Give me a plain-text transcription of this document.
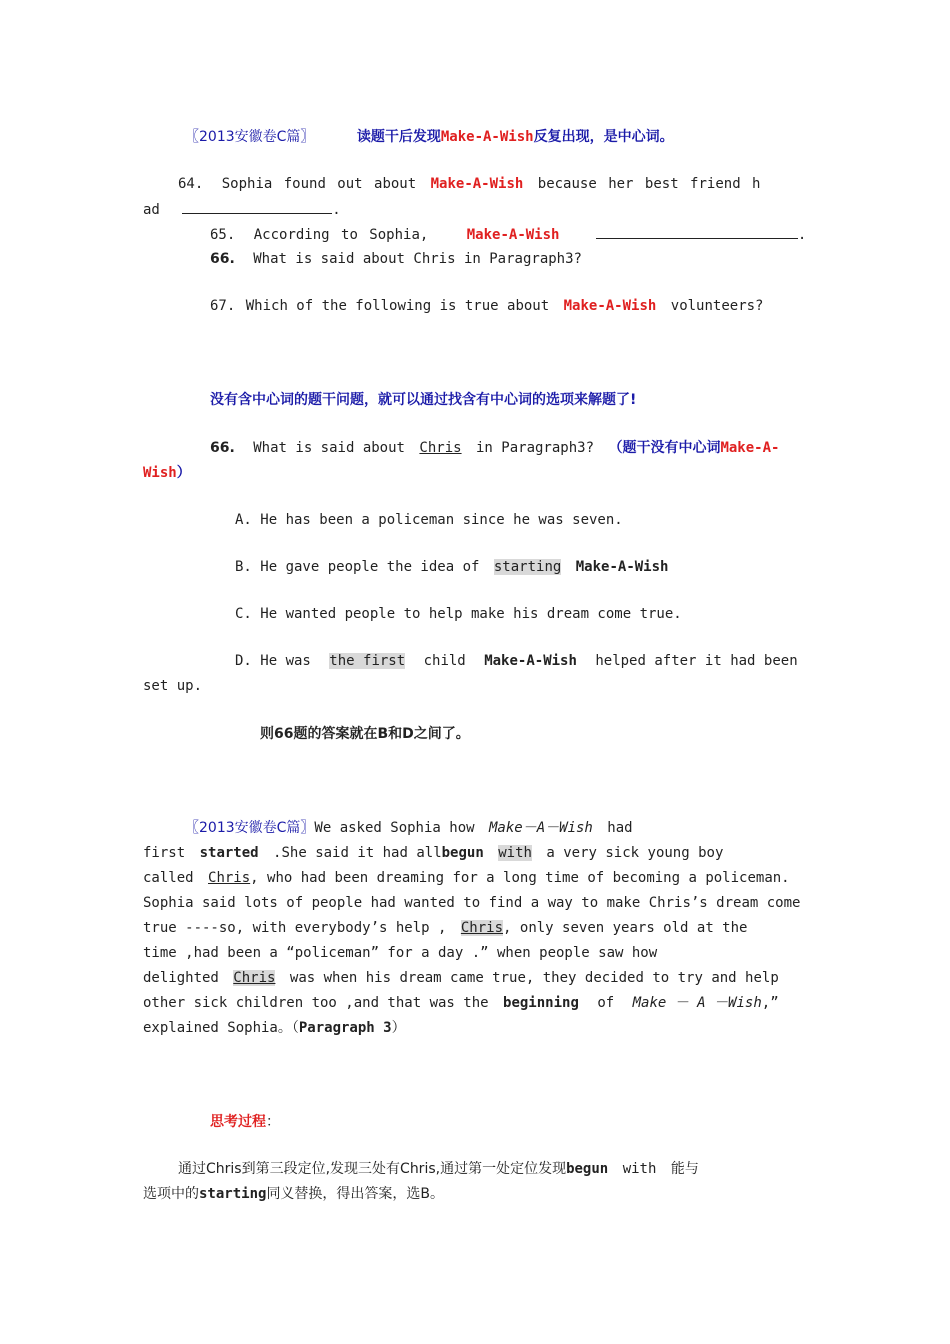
〖2013安徽卷C篇〗	读题干后发现Make-A-Wish反复出现，是中心词。
64. Sophia found out about Make-A-Wish because her best friend h
ad	.
65. According to Sophia,	Make-A-Wish	.
66. What is said about Chris in Paragraph3?
67. Which of the following is true about Make-A-Wish volunteers?
没有含中心词的题干问题，就可以通过找含有中心词的选项来解题了!
66. What is said about Chris in Paragraph3? （题干没有中心词Make-A-
Wish）
A. He has been a policeman since he was seven.
B. He gave people the idea of starting Make-A-Wish
C. He wanted people to help make his dream come true.
D. He was the first child Make-A-Wish helped after it had been
set up.
则66题的答案就在B和D之间了。
〖2013安徽卷C篇〗We asked Sophia how Make－A－Wish had
first started .She said it had allbegun with a very sick young boy
called Chris, who had been dreaming for a long time of becoming a policeman.
Sophia said lots of people had wanted to find a way to make Chris’s dream come
true ----so, with everybody’s help , Chris, only seven years old at the
time ,had been a “policeman” for a day .” when people saw how
delighted Chris was when his dream came true, they decided to try and help
other sick children too ,and that was the beginning of Make － A －Wish,”
explained Sophia。（Paragraph 3）
思考过程：
通过Chris到第三段定位,发现三处有Chris,通过第一处定位发现begun with 能与
选项中的starting同义替换，得出答案，选B。
